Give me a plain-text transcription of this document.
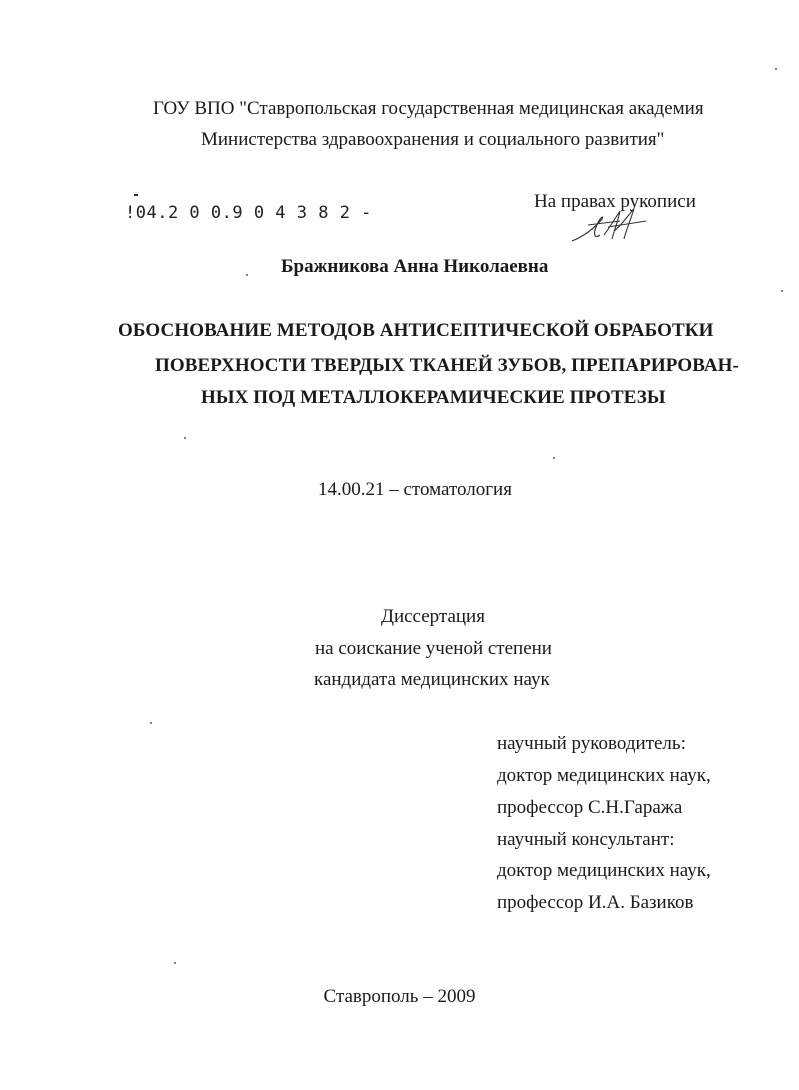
ГОУ ВПО "Ставропольская государственная медицинская академия
Министерства здравоохранения и социального развития"
!04.2 0 0.9 0 4 3 8 2 -
На правах рукописи
Бражникова Анна Николаевна
ОБОСНОВАНИЕ МЕТОДОВ АНТИСЕПТИЧЕСКОЙ ОБРАБОТКИ
ПОВЕРХНОСТИ ТВЕРДЫХ ТКАНЕЙ ЗУБОВ, ПРЕПАРИРОВАН-
НЫХ ПОД МЕТАЛЛОКЕРАМИЧЕСКИЕ ПРОТЕЗЫ
14.00.21 – стоматология
Диссертация
на соискание ученой степени
кандидата медицинских наук
научный руководитель:
доктор медицинских наук,
профессор С.Н.Гаража
научный консультант:
доктор медицинских наук,
профессор И.А. Базиков
Ставрополь – 2009
